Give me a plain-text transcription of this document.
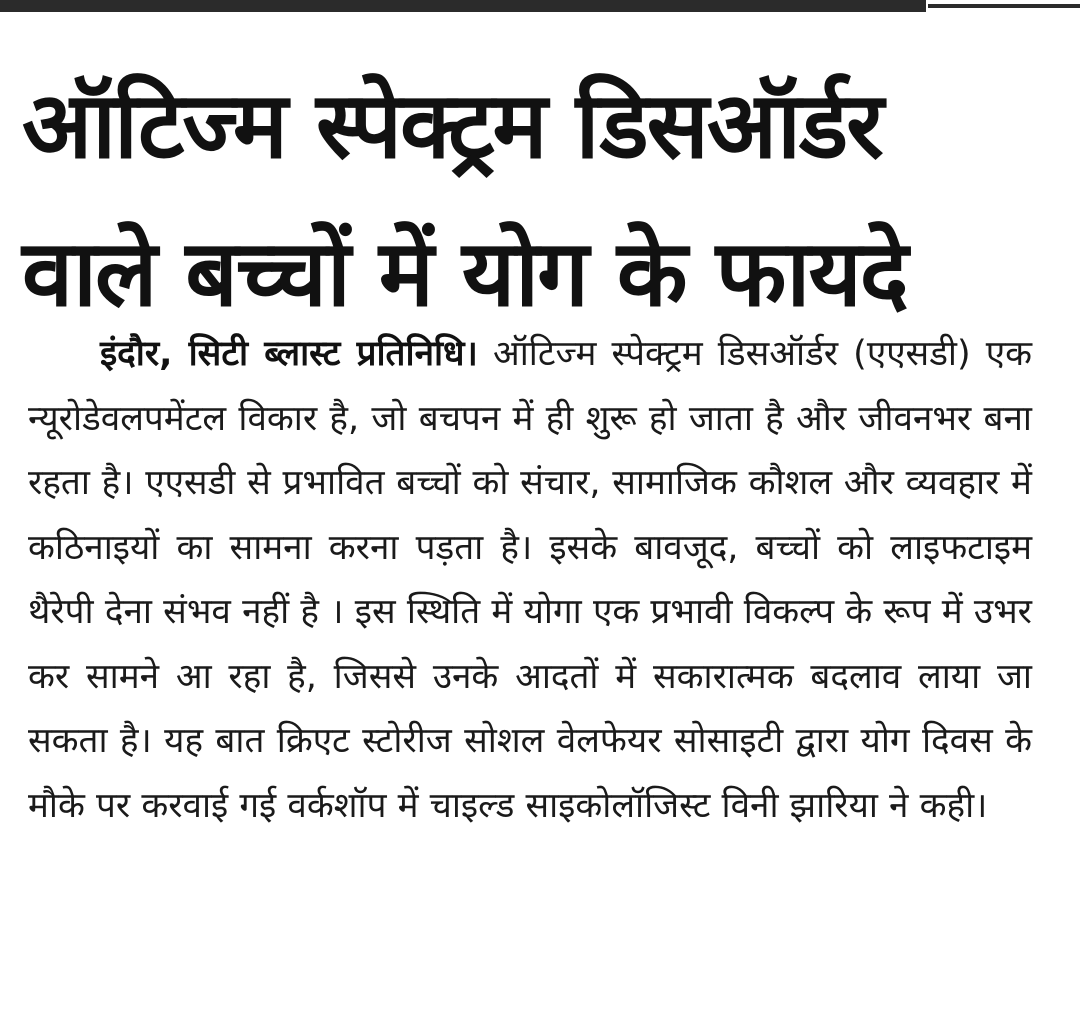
ऑटिज्म स्पेक्ट्रम डिसऑर्डर
वाले बच्चों में योग के फायदे

इंदौर, सिटी ब्लास्ट प्रतिनिधि। ऑटिज्म स्पेक्ट्रम डिसऑर्डर (एएसडी) एक न्यूरोडेवलपमेंटल विकार है, जो बचपन में ही शुरू हो जाता है और जीवनभर बना रहता है। एएसडी से प्रभावित बच्चों को संचार, सामाजिक कौशल और व्यवहार में कठिनाइयों का सामना करना पड़ता है। इसके बावजूद, बच्चों को लाइफटाइम थैरेपी देना संभव नहीं है । इस स्थिति में योगा एक प्रभावी विकल्प के रूप में उभर कर सामने आ रहा है, जिससे उनके आदतों में सकारात्मक बदलाव लाया जा सकता है। यह बात क्रिएट स्टोरीज सोशल वेलफेयर सोसाइटी द्वारा योग दिवस के मौके पर करवाई गई वर्कशॉप में चाइल्ड साइकोलॉजिस्ट विनी झारिया ने कही।
